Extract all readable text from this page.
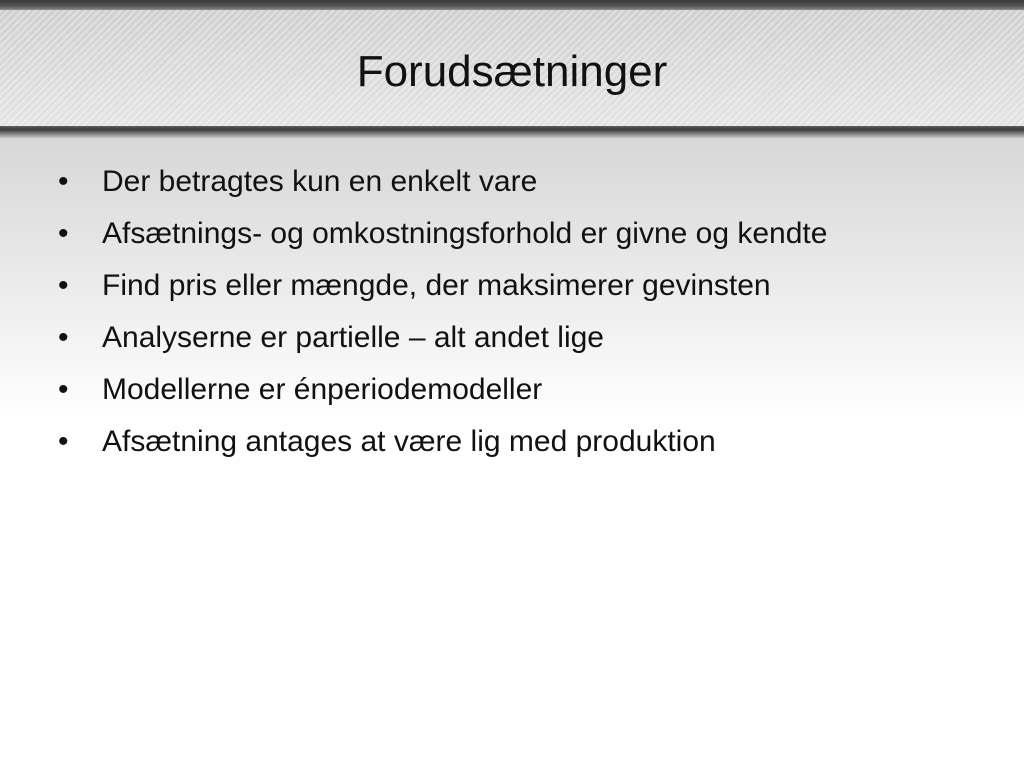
Forudsætninger
•	Der betragtes kun en enkelt vare
•	Afsætnings- og omkostningsforhold er givne og kendte
•	Find pris eller mængde, der maksimerer gevinsten
•	Analyserne er partielle – alt andet lige
•	Modellerne er énperiodemodeller
•	Afsætning antages at være lig med produktion
